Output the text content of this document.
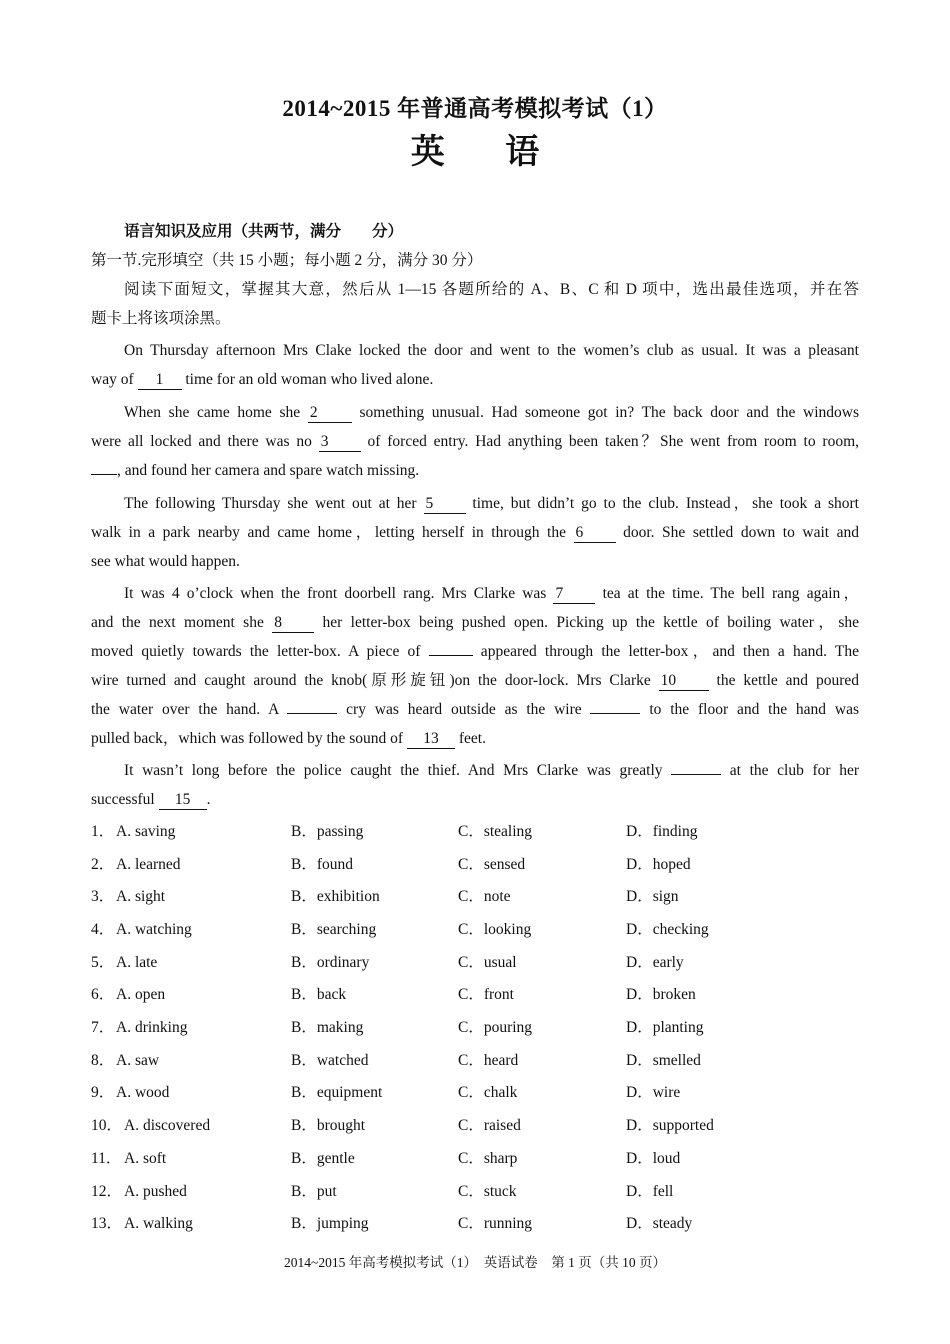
2014~2015 年普通高考模拟考试（1）
英 语
语言知识及应用（共两节，满分　　分）
第一节.完形填空（共 15 小题；每小题 2 分，满分 30 分）
阅读下面短文，掌握其大意，然后从 1—15 各题所给的 A、B、C 和 D 项中，选出最佳选项，并在答
题卡上将该项涂黑。
On Thursday afternoon Mrs Clake locked the door and went to the women’s club as usual. It was a pleasant
way of 1 time for an old woman who lived alone.
When she came home she 2 something unusual. Had someone got in? The back door and the windows
were all locked and there was no 3 of forced entry. Had anything been taken？She went from room to room,
, and found her camera and spare watch missing.
The following Thursday she went out at her 5 time, but didn’t go to the club. Instead，she took a short
walk in a park nearby and came home，letting herself in through the 6 door. She settled down to wait and
see what would happen.
It was 4 o’clock when the front doorbell rang. Mrs Clarke was 7 tea at the time. The bell rang again，
and the next moment she 8 her letter-box being pushed open. Picking up the kettle of boiling water，she
moved quietly towards the letter-box. A piece of	appeared through the letter-box，and then a hand. The
wire turned and caught around the knob(原形旋钮)on the door-lock. Mrs Clarke 10 the kettle and poured
the water over the hand. A	cry was heard outside as the wire	to the floor and the hand was
pulled back，which was followed by the sound of 13 feet.
It wasn’t long before the police caught the thief. And Mrs Clarke was greatly	at the club for her
successful 15 .
1． A. saving	B．passing	C．stealing	D．finding
2． A. learned	B．found	C．sensed	D．hoped
3． A. sight	B．exhibition	C．note	D．sign
4． A. watching	B．searching	C．looking	D．checking
5． A. late	B．ordinary	C．usual	D．early
6． A. open	B．back	C．front	D．broken
7． A. drinking	B．making	C．pouring	D．planting
8． A. saw	B．watched	C．heard	D．smelled
9． A. wood	B．equipment	C．chalk	D．wire
10． A. discovered	B．brought	C．raised	D．supported
11． A. soft	B．gentle	C．sharp	D．loud
12． A. pushed	B．put	C．stuck	D．fell
13． A. walking	B．jumping	C．running	D．steady
2014~2015 年高考模拟考试（1）　英语试卷　第 1 页（共 10 页）
